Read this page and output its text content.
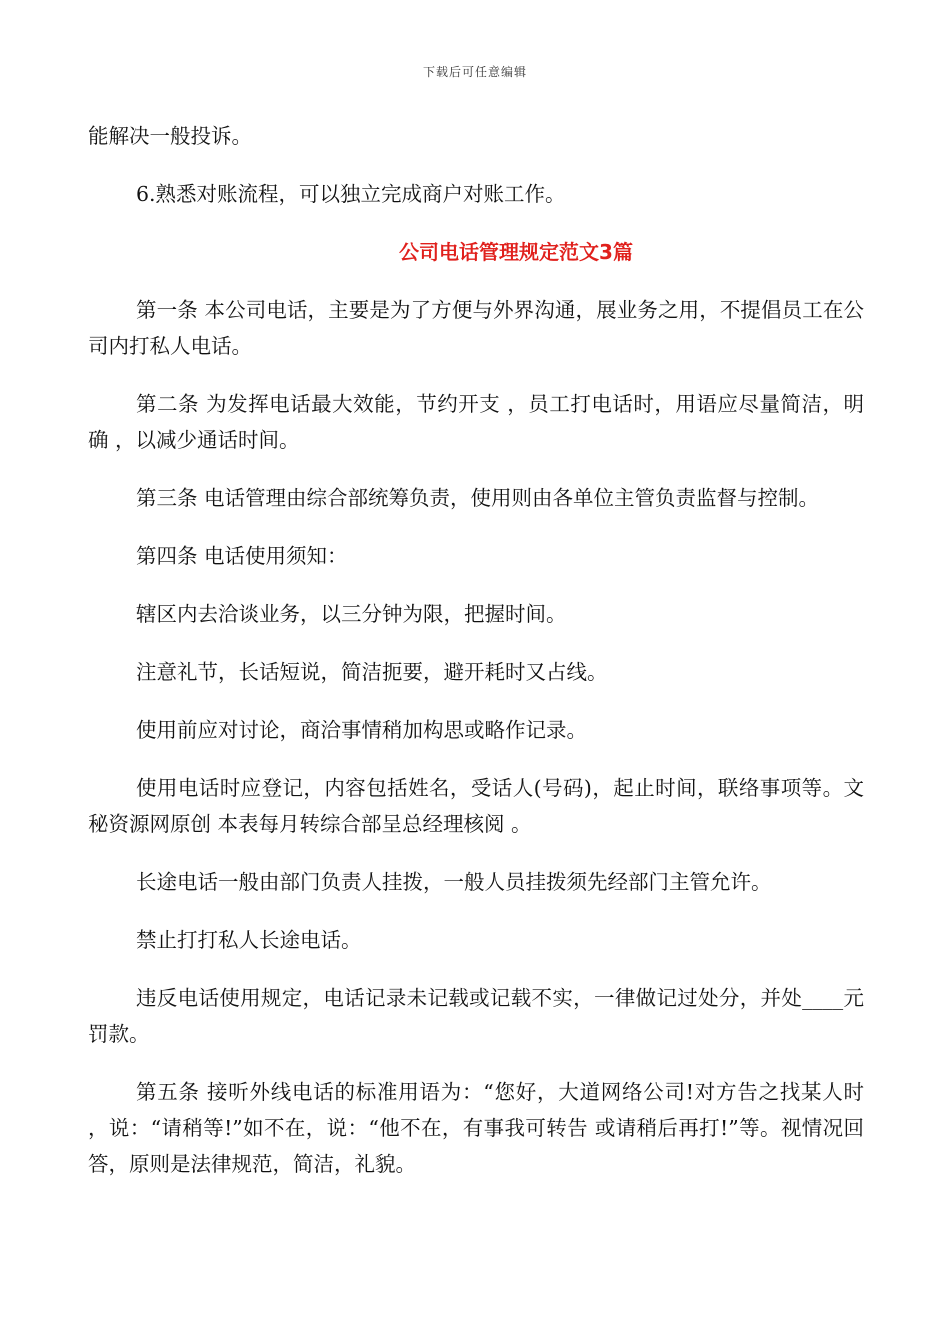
下载后可任意编辑

能解决一般投诉。

6.熟悉对账流程，可以独立完成商户对账工作。

公司电话管理规定范文3篇

第一条 本公司电话，主要是为了方便与外界沟通，展业务之用，不提倡员工在公司内打私人电话。

第二条 为发挥电话最大效能，节约开支 ，员工打电话时，用语应尽量简洁，明确 ，以减少通话时间。

第三条 电话管理由综合部统筹负责，使用则由各单位主管负责监督与控制。

第四条 电话使用须知：

辖区内去洽谈业务，以三分钟为限，把握时间。

注意礼节，长话短说，简洁扼要，避开耗时又占线。

使用前应对讨论，商洽事情稍加构思或略作记录。

使用电话时应登记，内容包括姓名，受话人(号码)，起止时间，联络事项等。文秘资源网原创 本表每月转综合部呈总经理核阅 。

长途电话一般由部门负责人挂拨，一般人员挂拨须先经部门主管允许。

禁止打打私人长途电话。

违反电话使用规定，电话记录未记载或记载不实，一律做记过处分，并处____元罚款。

第五条 接听外线电话的标准用语为：“您好，大道网络公司!对方告之找某人时 ，说：“请稍等!”如不在，说：“他不在，有事我可转告 或请稍后再打!”等。视情况回答，原则是法律规范，简洁，礼貌。
